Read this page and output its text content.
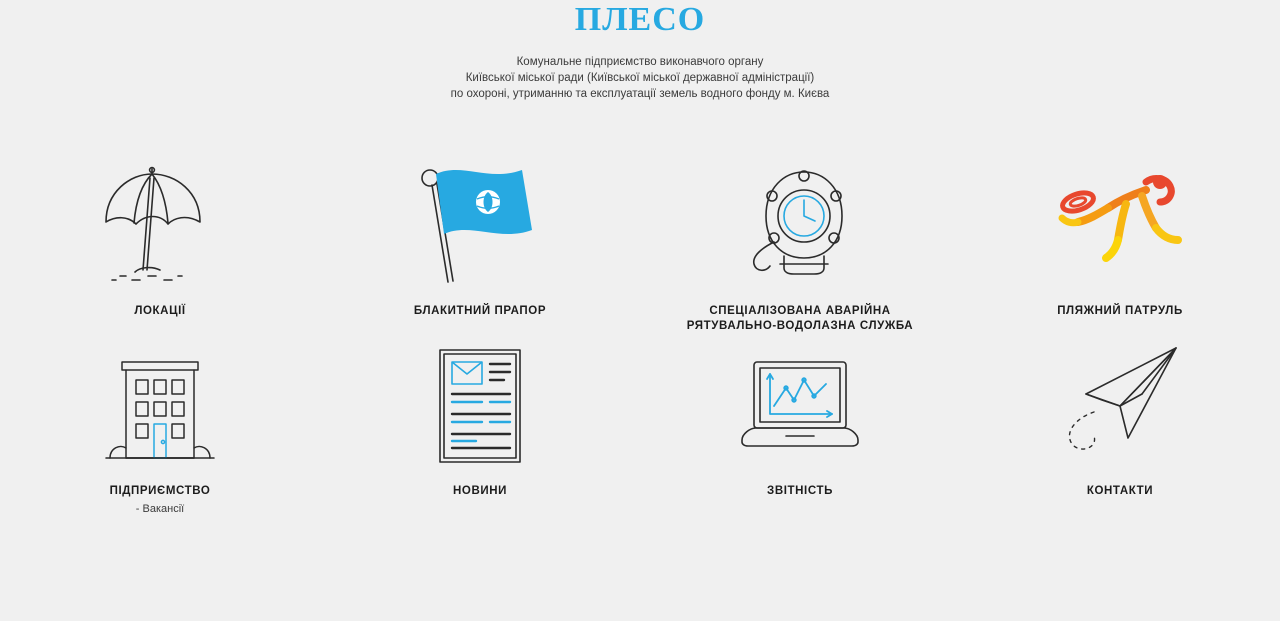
ПЛЕСО
Комунальне підприємство виконавчого органу
Київської міської ради (Київської міської державної адміністрації)
по охороні, утриманню та експлуатації земель водного фонду м. Києва
ЛОКАЦІЇ	БЛАКИТНИЙ ПРАПОР	СПЕЦІАЛІЗОВАНА АВАРІЙНА РЯТУВАЛЬНО-ВОДОЛАЗНА СЛУЖБА
ПЛЯЖНИЙ ПАТРУЛЬ
ПІДПРИЄМСТВО
- Вакансії
НОВИНИ	ЗВІТНІСТЬ	КОНТАКТИ
